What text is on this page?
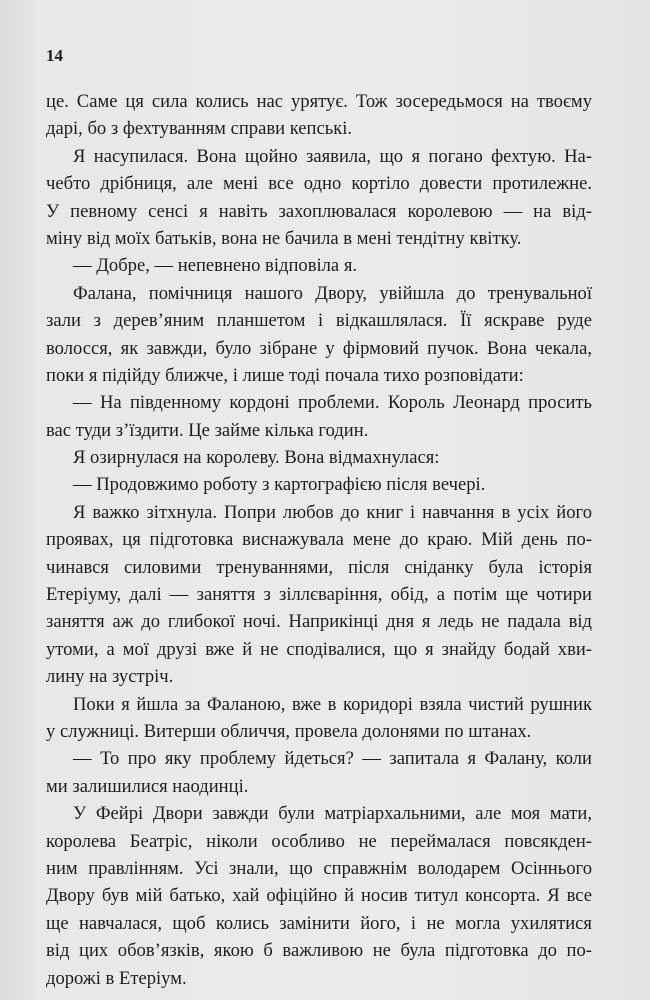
14
це. Саме ця сила колись нас урятує. Тож зосередьмося на твоєму
дарі, бо з фехтуванням справи кепські.
Я насупилася. Вона щойно заявила, що я погано фехтую. На-
чебто дрібниця, але мені все одно кортіло довести протилежне.
У певному сенсі я навіть захоплювалася королевою — на від-
міну від моїх батьків, вона не бачила в мені тендітну квітку.
— Добре, — непевнено відповіла я.
Фалана, помічниця нашого Двору, увійшла до тренувальної
зали з дерев’яним планшетом і відкашлялася. Її яскраве руде
волосся, як завжди, було зібране у фірмовий пучок. Вона чекала,
поки я підійду ближче, і лише тоді почала тихо розповідати:
— На південному кордоні проблеми. Король Леонард просить
вас туди з’їздити. Це займе кілька годин.
Я озирнулася на королеву. Вона відмахнулася:
— Продовжимо роботу з картографією після вечері.
Я важко зітхнула. Попри любов до книг і навчання в усіх його
проявах, ця підготовка виснажувала мене до краю. Мій день по-
чинався силовими тренуваннями, після сніданку була історія
Етеріуму, далі — заняття з зіллєваріння, обід, а потім ще чотири
заняття аж до глибокої ночі. Наприкінці дня я ледь не падала від
утоми, а мої друзі вже й не сподівалися, що я знайду бодай хви-
лину на зустріч.
Поки я йшла за Фаланою, вже в коридорі взяла чистий рушник
у служниці. Витерши обличчя, провела долонями по штанах.
— То про яку проблему йдеться? — запитала я Фалану, коли
ми залишилися наодинці.
У Фейрі Двори завжди були матріархальними, але моя мати,
королева Беатріс, ніколи особливо не переймалася повсякден-
ним правлінням. Усі знали, що справжнім володарем Осіннього
Двору був мій батько, хай офіційно й носив титул консорта. Я все
ще навчалася, щоб колись замінити його, і не могла ухилятися
від цих обов’язків, якою б важливою не була підготовка до по-
дорожі в Етеріум.
